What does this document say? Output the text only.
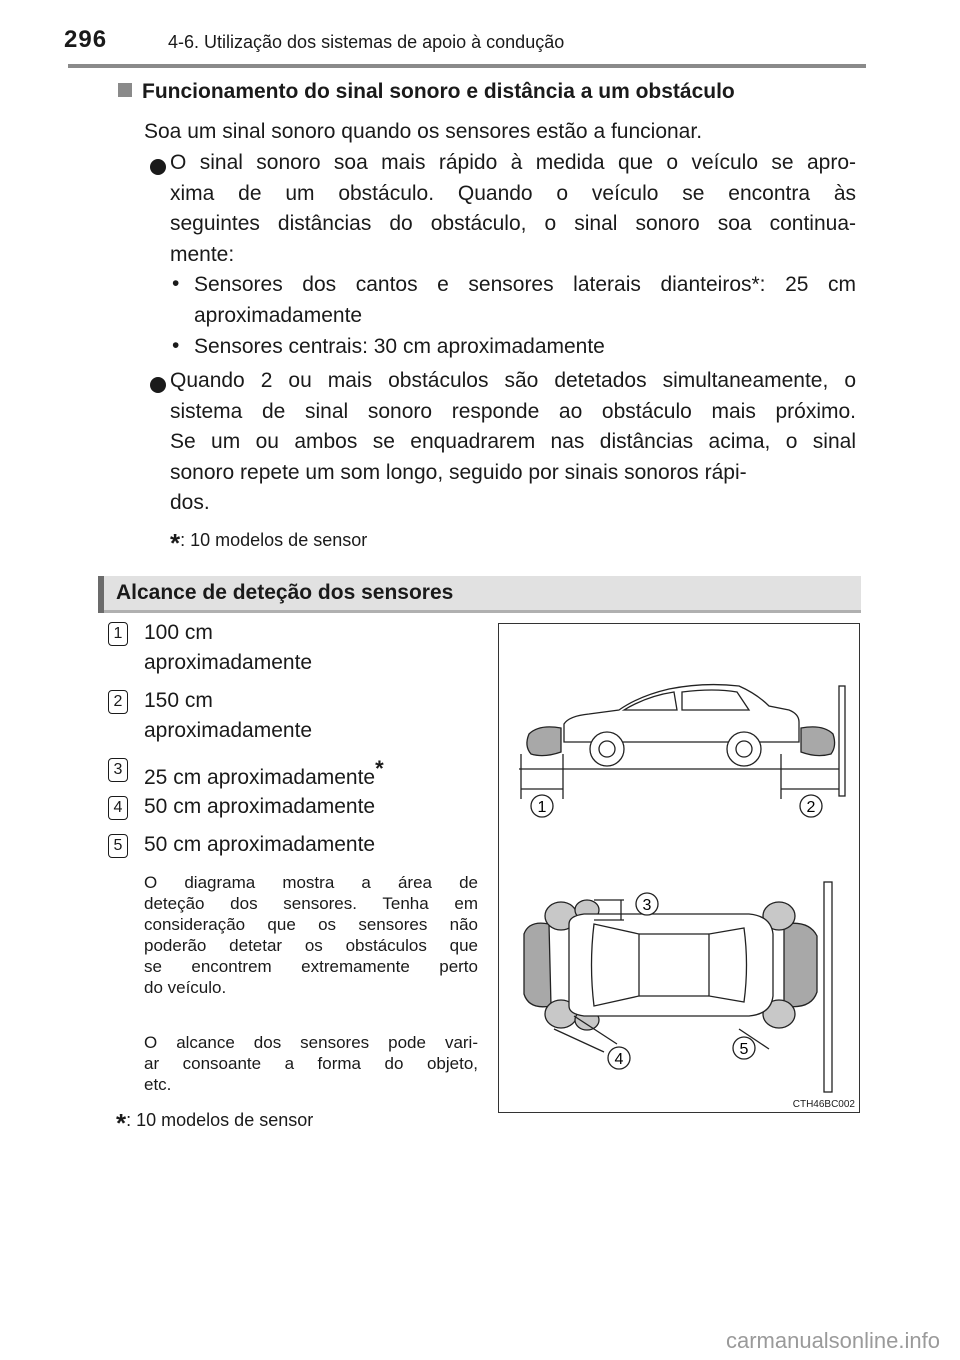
296	4-6. Utilização dos sistemas de apoio à condução
Funcionamento do sinal sonoro e distância a um obstáculo
Soa um sinal sonoro quando os sensores estão a funcionar.
O sinal sonoro soa mais rápido à medida que o veículo se apro-
xima de um obstáculo. Quando o veículo se encontra às
seguintes distâncias do obstáculo, o sinal sonoro soa continua-
mente:
• Sensores dos cantos e sensores laterais dianteiros*: 25 cm
aproximadamente
• Sensores centrais: 30 cm aproximadamente
Quando 2 ou mais obstáculos são detetados simultaneamente, o
sistema de sinal sonoro responde ao obstáculo mais próximo.
Se um ou ambos se enquadrarem nas distâncias acima, o sinal
sonoro repete um som longo, seguido por sinais sonoros rápi-
dos.
*: 10 modelos de sensor
Alcance de deteção dos sensores
1 100 cm
aproximadamente
2 150 cm
aproximadamente
3 25 cm aproximadamente*
4 50 cm aproximadamente
5 50 cm aproximadamente
O diagrama mostra a área de
deteção dos sensores. Tenha em
consideração que os sensores não
poderão detetar os obstáculos que
se encontrem extremamente perto
do veículo.
O alcance dos sensores pode vari-
ar consoante a forma do objeto,
etc.
*: 10 modelos de sensor
1	2
3
4
5
CTH46BC002
carmanualsonline.info
